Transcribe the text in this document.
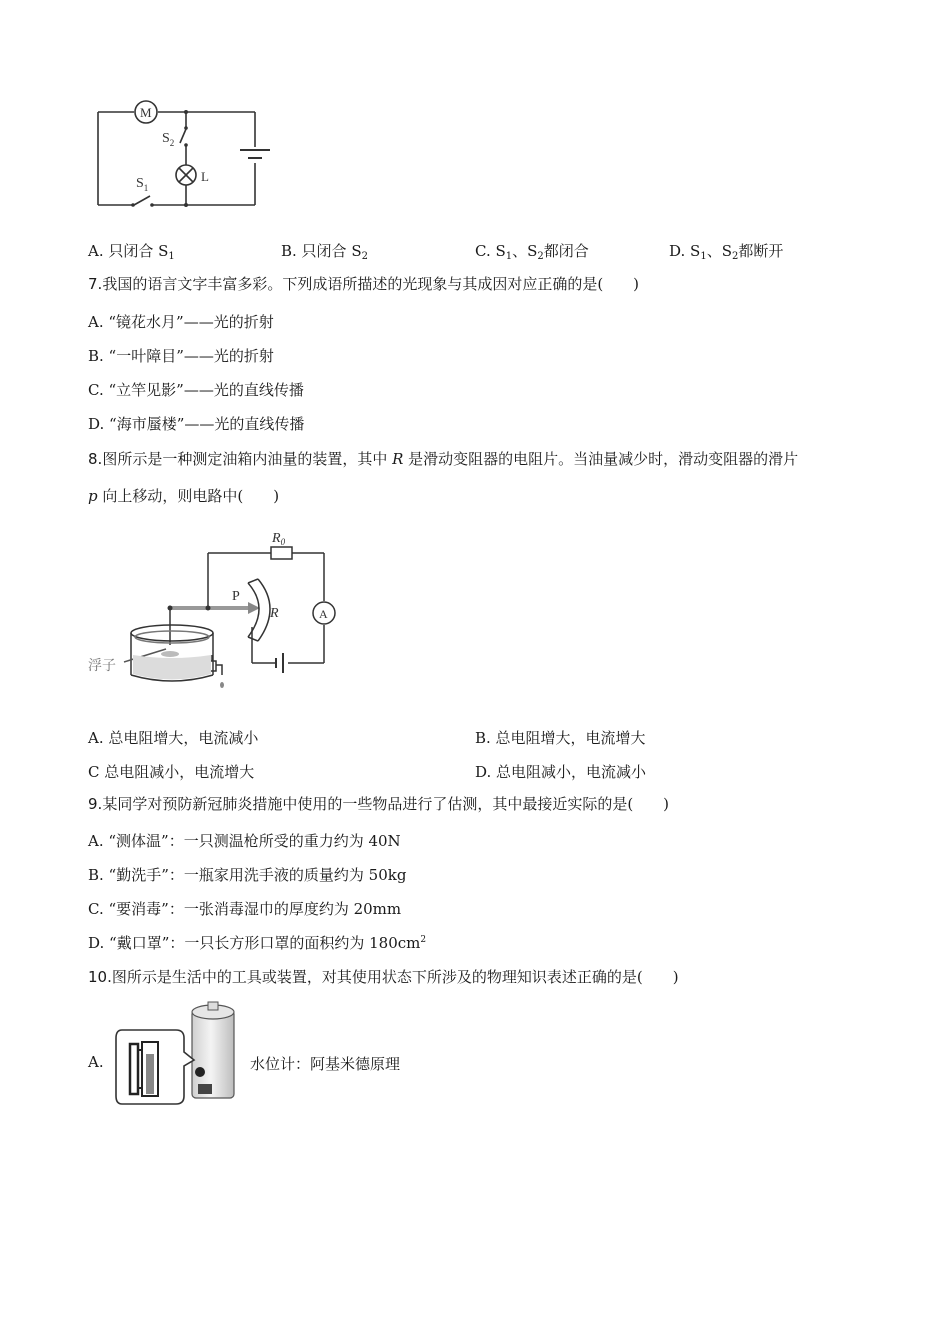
M
$S_2$
L
$S_1$
A. 只闭合 $S_1$	B. 只闭合 $S_2$	C. $S_1$、$S_2$都闭合	D. $S_1$、$S_2$都断开
7.我国的语言文字丰富多彩。下列成语所描述的光现象与其成因对应正确的是(　　)
A. “镜花水月”——光的折射
B. “一叶障目”——光的折射
C. “立竿见影”——光的直线传播
D. “海市蜃楼”——光的直线传播
8.图所示是一种测定油箱内油量的装置，其中 R 是滑动变阻器的电阻片。当油量减少时，滑动变阻器的滑片
p 向上移动，则电路中(　　)
$R_0$
P
R	A
浮子
A. 总电阻增大，电流减小	B. 总电阻增大，电流增大
C 总电阻减小，电流增大	D. 总电阻减小，电流减小
9.某同学对预防新冠肺炎措施中使用的一些物品进行了估测，其中最接近实际的是(　　)
A. “测体温”：一只测温枪所受的重力约为 40N
B. “勤洗手”：一瓶家用洗手液的质量约为 50kg
C. “要消毒”：一张消毒湿巾的厚度约为 20mm
D. “戴口罩”：一只长方形口罩的面积约为 $180cm^2$
10.图所示是生活中的工具或装置，对其使用状态下所涉及的物理知识表述正确的是(　　)
A.	水位计：阿基米德原理
